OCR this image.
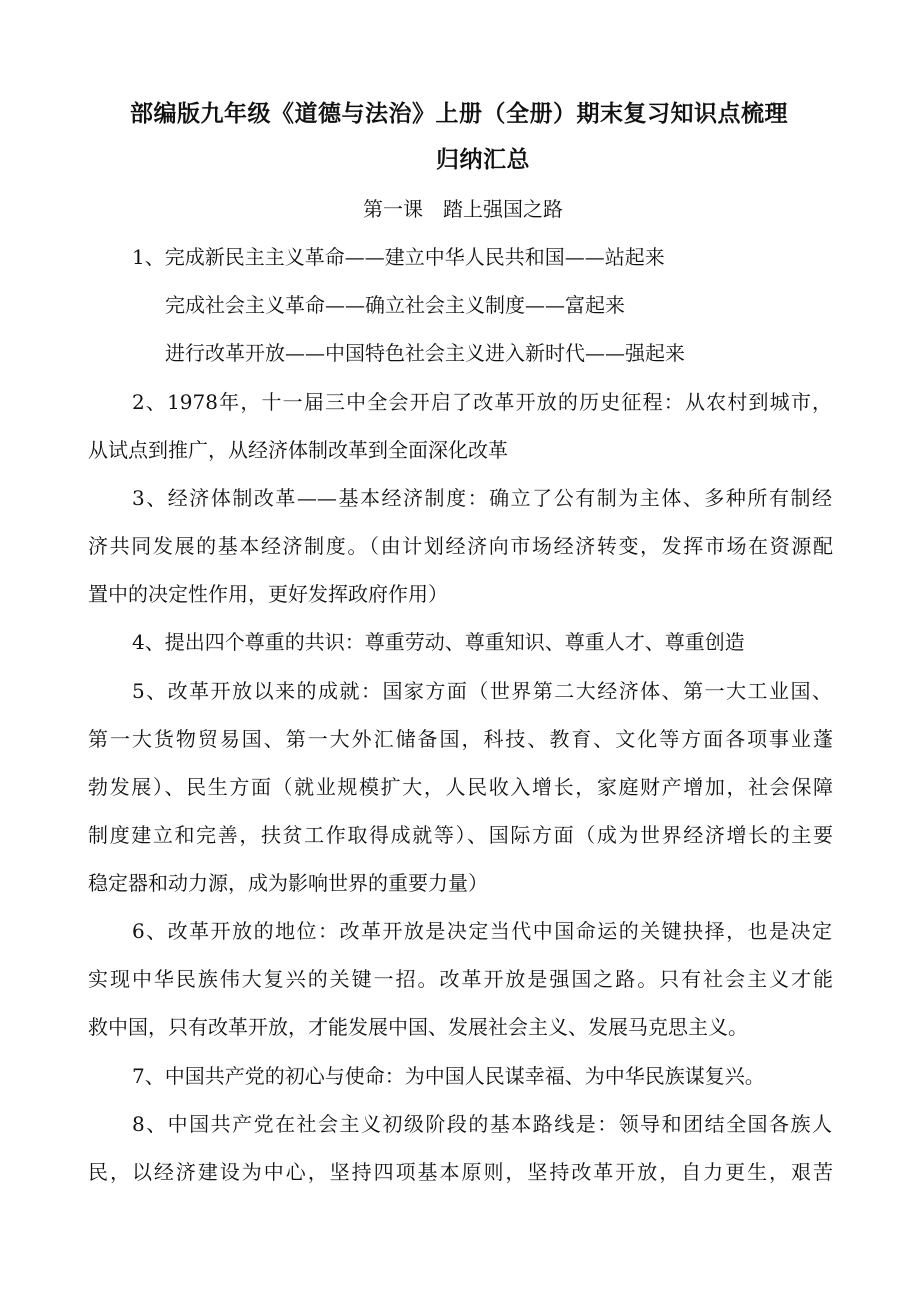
部编版九年级《道德与法治》上册（全册）期末复习知识点梳理
归纳汇总
第一课　踏上强国之路
1、完成新民主主义革命——建立中华人民共和国——站起来
完成社会主义革命——确立社会主义制度——富起来
进行改革开放——中国特色社会主义进入新时代——强起来
2、1978年，十一届三中全会开启了改革开放的历史征程：从农村到城市，
从试点到推广，从经济体制改革到全面深化改革
3、经济体制改革——基本经济制度：确立了公有制为主体、多种所有制经
济共同发展的基本经济制度。（由计划经济向市场经济转变，发挥市场在资源配
置中的决定性作用，更好发挥政府作用）
4、提出四个尊重的共识：尊重劳动、尊重知识、尊重人才、尊重创造
5、改革开放以来的成就：国家方面（世界第二大经济体、第一大工业国、
第一大货物贸易国、第一大外汇储备国，科技、教育、文化等方面各项事业蓬
勃发展）、民生方面（就业规模扩大，人民收入增长，家庭财产增加，社会保障
制度建立和完善，扶贫工作取得成就等）、国际方面（成为世界经济增长的主要
稳定器和动力源，成为影响世界的重要力量）
6、改革开放的地位：改革开放是决定当代中国命运的关键抉择，也是决定
实现中华民族伟大复兴的关键一招。改革开放是强国之路。只有社会主义才能
救中国，只有改革开放，才能发展中国、发展社会主义、发展马克思主义。
7、中国共产党的初心与使命：为中国人民谋幸福、为中华民族谋复兴。
8、中国共产党在社会主义初级阶段的基本路线是：领导和团结全国各族人
民，以经济建设为中心，坚持四项基本原则，坚持改革开放，自力更生，艰苦
